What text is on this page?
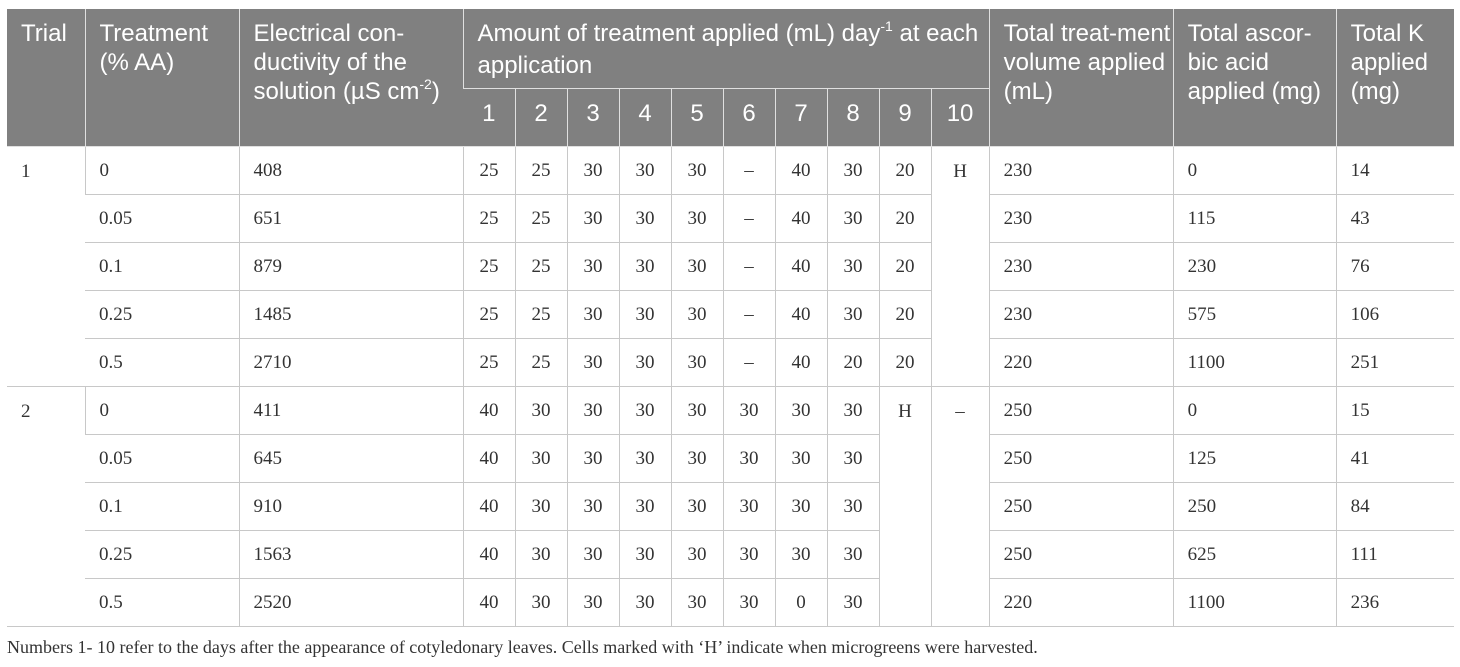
Trial	Treatment (% AA)	Electrical con-ductivity of the solution (µS $cm^{-2}$)	Amount of treatment applied (mL) day$^{-1}$ at each application										Total treat-ment volume applied (mL)	Total ascor-bic acid applied (mg)	Total K applied (mg)
			1	2	3	4	5	6	7	8	9	10			
1	0	408	25	25	30	30	30	–	40	30	20	H	230	0	14
	0.05	651	25	25	30	30	30	–	40	30	20		230	115	43
	0.1	879	25	25	30	30	30	–	40	30	20		230	230	76
	0.25	1485	25	25	30	30	30	–	40	30	20		230	575	106
	0.5	2710	25	25	30	30	30	–	40	20	20		220	1100	251
2	0	411	40	30	30	30	30	30	30	30	H	–	250	0	15
	0.05	645	40	30	30	30	30	30	30	30			250	125	41
	0.1	910	40	30	30	30	30	30	30	30			250	250	84
	0.25	1563	40	30	30	30	30	30	30	30			250	625	111
	0.5	2520	40	30	30	30	30	30	0	30			220	1100	236
Numbers 1- 10 refer to the days after the appearance of cotyledonary leaves. Cells marked with ‘H’ indicate when microgreens were harvested.
